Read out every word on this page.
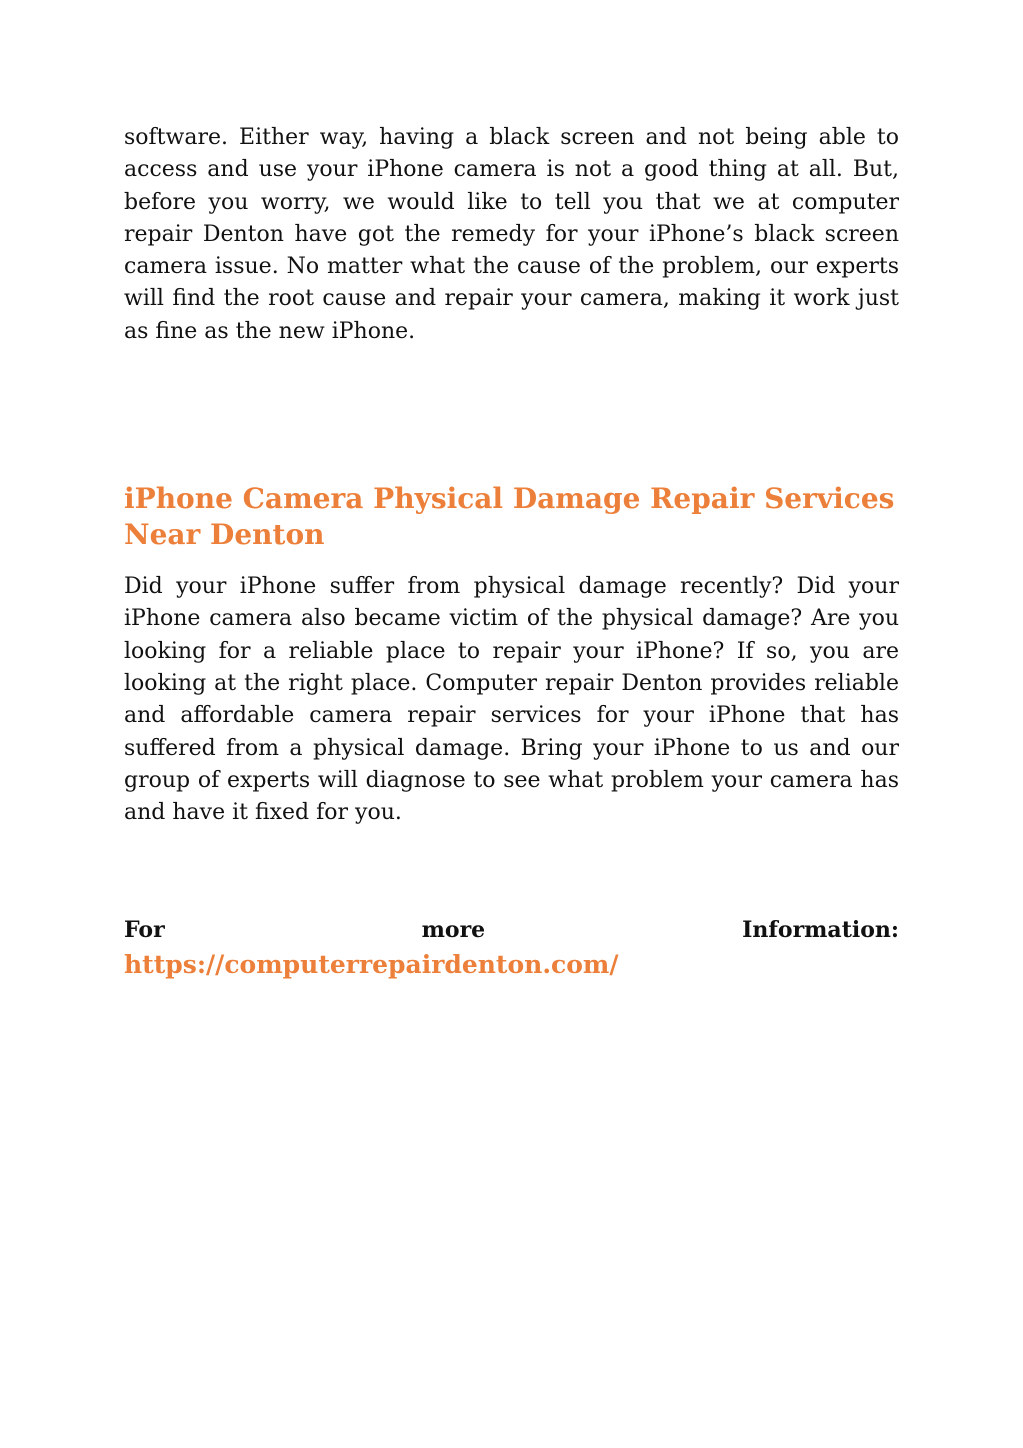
software. Either way, having a black screen and not being able to access and use your iPhone camera is not a good thing at all. But, before you worry, we would like to tell you that we at computer repair Denton have got the remedy for your iPhone’s black screen camera issue. No matter what the cause of the problem, our experts will find the root cause and repair your camera, making it work just as fine as the new iPhone.

iPhone Camera Physical Damage Repair Services Near Denton

Did your iPhone suffer from physical damage recently? Did your iPhone camera also became victim of the physical damage? Are you looking for a reliable place to repair your iPhone? If so, you are looking at the right place. Computer repair Denton provides reliable and affordable camera repair services for your iPhone that has suffered from a physical damage. Bring your iPhone to us and our group of experts will diagnose to see what problem your camera has and have it fixed for you.

For	more	Information:
https://computerrepairdenton.com/
